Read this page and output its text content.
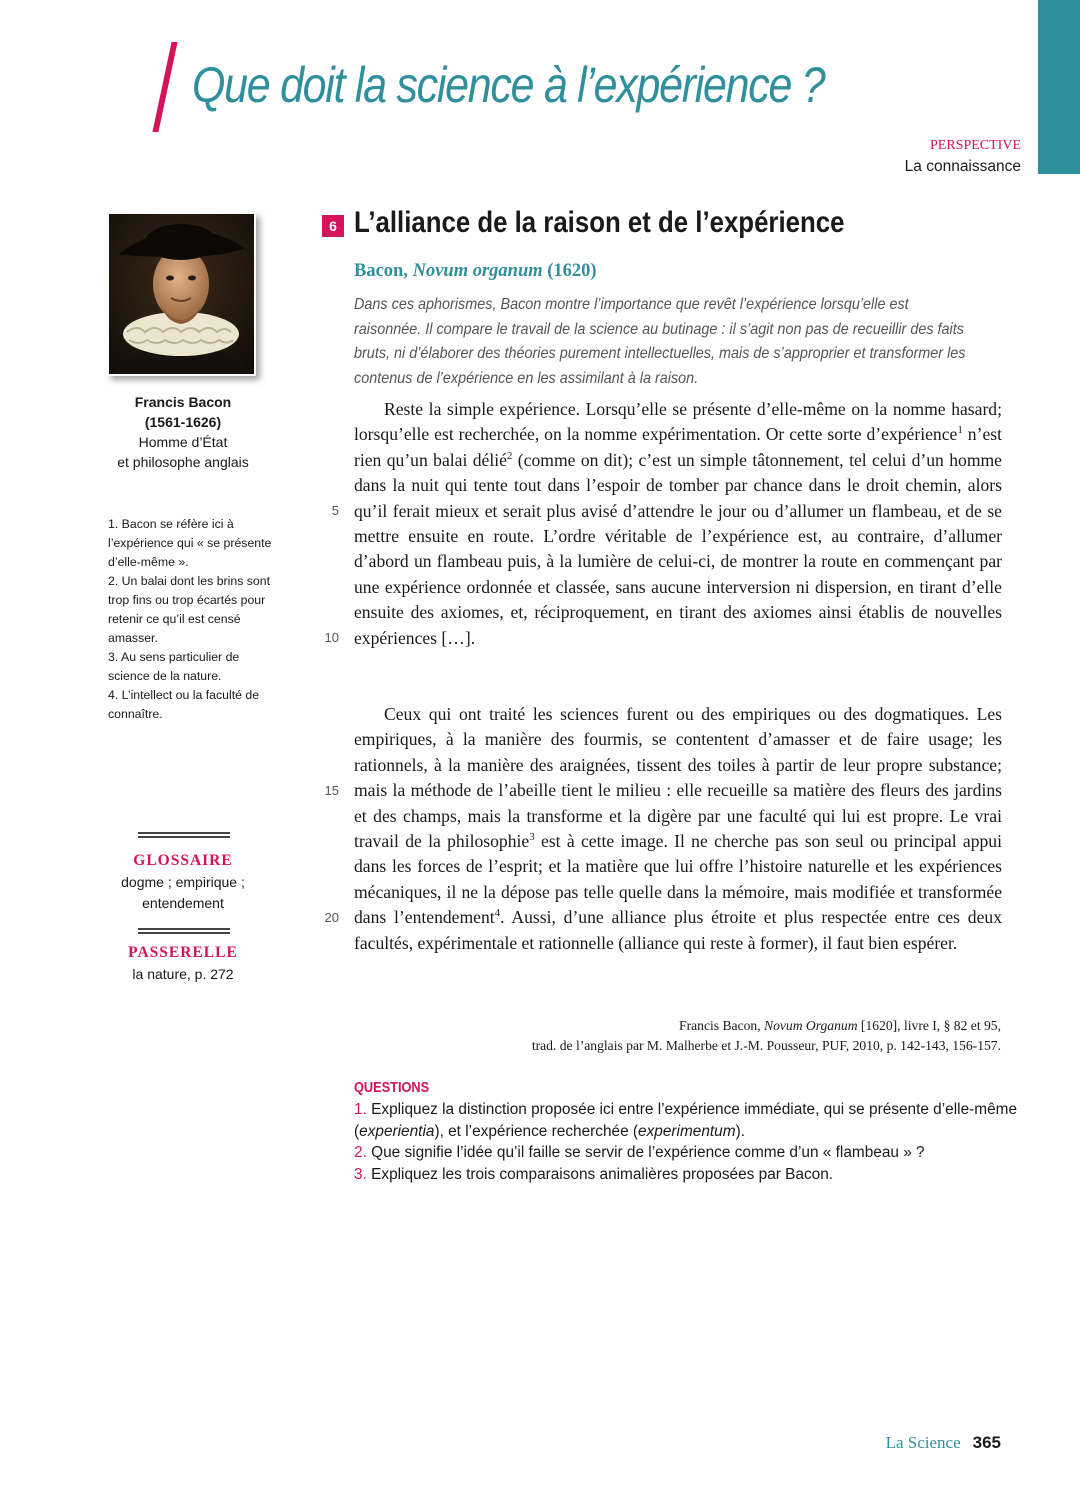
Que doit la science à l’expérience ?
PERSPECTIVE
La connaissance
Francis Bacon
(1561-1626)
Homme d’État
et philosophe anglais

1. Bacon se réfère ici à l’expérience qui « se présente d’elle-même ».

2. Un balai dont les brins sont trop fins ou trop écartés pour retenir ce qu’il est censé amasser.

3. Au sens particulier de science de la nature.

4. L’intellect ou la faculté de connaître.

GLOSSAIRE
dogme ; empirique ;
entendement
PASSERELLE
la nature, p. 272
6 L’alliance de la raison et de l’expérience
Bacon, Novum organum (1620)

Dans ces aphorismes, Bacon montre l’importance que revêt l’expérience lorsqu’elle est raisonnée. Il compare le travail de la science au butinage : il s’agit non pas de recueillir des faits bruts, ni d’élaborer des théories purement intellectuelles, mais de s’approprier et transformer les contenus de l’expérience en les assimilant à la raison.

Reste la simple expérience. Lorsqu’elle se présente d’elle-même on la nomme hasard; lorsqu’elle est recherchée, on la nomme expérimentation. Or cette sorte d’expérience$^1$ n’est rien qu’un balai délié$^2$ (comme on dit); c’est un simple tâtonnement, tel celui d’un homme dans la nuit qui tente tout dans l’espoir de tomber par chance dans le droit chemin, alors qu’il ferait mieux et serait plus avisé d’attendre le jour ou d’allumer un flambeau, et de se mettre ensuite en route. L’ordre véritable de l’expérience est, au contraire, d’allumer d’abord un flambeau puis, à la lumière de celui-ci, de montrer la route en commençant par une expérience ordonnée et classée, sans aucune interversion ni dispersion, en tirant d’elle ensuite des axiomes, et, réciproquement, en tirant des axiomes ainsi établis de nouvelles expériences […].

Ceux qui ont traité les sciences furent ou des empiriques ou des dogmatiques. Les empiriques, à la manière des fourmis, se contentent d’amasser et de faire usage; les rationnels, à la manière des araignées, tissent des toiles à partir de leur propre substance; mais la méthode de l’abeille tient le milieu : elle recueille sa matière des fleurs des jardins et des champs, mais la transforme et la digère par une faculté qui lui est propre. Le vrai travail de la philosophie$^3$ est à cette image. Il ne cherche pas son seul ou principal appui dans les forces de l’esprit; et la matière que lui offre l’histoire naturelle et les expériences mécaniques, il ne la dépose pas telle quelle dans la mémoire, mais modifiée et transformée dans l’entendement$^4$. Aussi, d’une alliance plus étroite et plus respectée entre ces deux facultés, expérimentale et rationnelle (alliance qui reste à former), il faut bien espérer.

5
10
15
20
Francis Bacon, Novum Organum [1620], livre I, § 82 et 95,
trad. de l’anglais par M. Malherbe et J.-M. Pousseur, PUF, 2010, p. 142-143, 156-157.
QUESTIONS
1. Expliquez la distinction proposée ici entre l’expérience immédiate, qui se présente d’elle-même (experientia), et l’expérience recherchée (experimentum).
2. Que signifie l’idée qu’il faille se servir de l’expérience comme d’un « flambeau » ?
3. Expliquez les trois comparaisons animalières proposées par Bacon.
La Science 365
